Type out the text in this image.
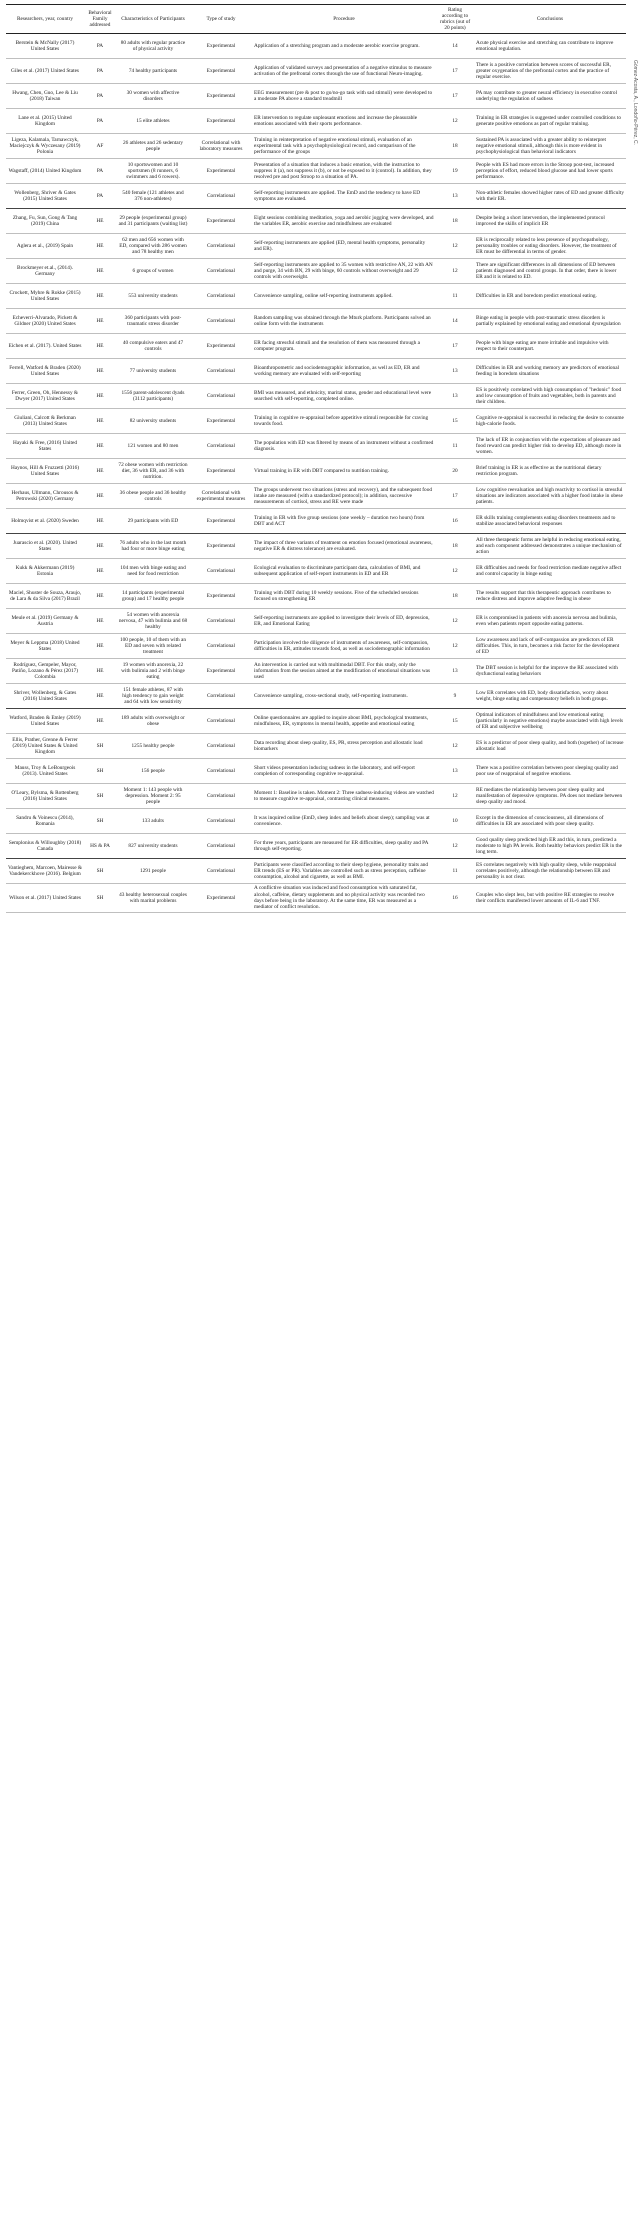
Researchers, year, country	Behavioral Family addressed	Characteristics of Participants	Type of study	Procedure	Rating according to rubrics (out of 20 points)	Conclusions
Berstein & McNally (2017) United States	PA	80 adults with regular practice of physical activity	Experimental	Application of a stretching program and a moderate aerobic exercise program.	14	Acute physical exercise and stretching can contribute to improve emotional regulation.
Giles et al. (2017) United States	PA	74 healthy participants	Experimental	Application of validated surveys and presentation of a negative stimulus to measure activation of the prefrontal cortex through the use of functional Neuro-imaging.	17	There is a positive correlation between scores of successful ER, greater oxygenation of the prefrontal cortex and the practice of regular exercise.
Hwang, Chen, Guo, Lee & Liu (2018) Taiwan	PA	30 women with affective disorders	Experimental	EEG measurement (pre & post to go/no-go task with sad stimuli) were developed to a moderate PA above a standard treadmill	17	PA may contribute to greater neural efficiency in executive control underlying the regulation of sadness
Lane et al. (2015) United Kingdom	PA	15 elite athletes	Experimental	ER intervention to regulate unpleasant emotions and increase the pleasurable emotions associated with their sports performance.	12	Training in ER strategies is suggested under controlled conditions to generate positive emotions as part of regular training.
Ligeza, Kalamala, Tarnawczyk, Maciejczyk & Wyczesany (2019) Polonia	AF	26 athletes and 26 sedentary people	Correlational with laboratory measures	Training in reinterpretation of negative emotional stimuli, evaluation of an experimental task with a psychophysiological record, and comparison of the performance of the groups	18	Sustained PA is associated with a greater ability to reinterpret negative emotional stimuli, although this is more evident in psychophysiological than behavioral indicators
Wagstaff, (2014) United Kingdom	PA	10 sportswomen and 10 sportsmen (8 runners, 6 swimmers and 6 rowers).	Experimental	Presentation of a situation that induces a basic emotion, with the instruction to suppress it (a), not suppress it (b), or not be exposed to it (control). In addition, they resolved pre and post Stroop to a situation of PA.	19	People with ES had more errors in the Stroop post-test, increased perception of effort, reduced blood glucose and had lower sports performance.
Wollenberg, Shriver & Gates (2015) United States	PA	540 female (121 athletes and 376 non-athletes)	Correlational	Self-reporting instruments are applied. The EmD and the tendency to have ED symptoms are evaluated.	13	Non-athletic females showed higher rates of ED and greater difficulty with their ER.
Zhang, Fu, Sun, Gong & Tang (2019) China	HE	29 people (experimental group) and 31 participants (waiting list)	Experimental	Eight sessions combining meditation, yoga and aerobic jogging were developed, and the variables ER, aerobic exercise and mindfulness are evaluated	18	Despite being a short intervention, the implemented protocol improved the skills of implicit ER
Aglera et al., (2019) Spain	HE	62 men and 656 women with ED, compared with 286 women and 78 healthy men	Correlational	Self-reporting instruments are applied (ED, mental health symptoms, personality and ER).	12	ER is reciprocally related to less presence of psychopathology, personality troubles or eating disorders. However, the treatment of ER must be differential in terms of gender.
Brockmeyer et.al., (2014). Germany	HE	6 groups of women	Correlational	Self-reporting instruments are applied to 35 women with restrictive AN, 22 with AN and purge, 34 with BN, 29 with binge, 60 controls without overweight and 29 controls with overweight.	12	There are significant differences in all dimensions of ED between patients diagnosed and control groups. In that order, there is lower ER and it is related to ED.
Crockett, Myhre & Rokke (2015) United States	HE	553 university students	Correlational	Convenience sampling, online self-reporting instruments applied.	11	Difficulties in ER and boredom predict emotional eating.
Echeverri-Alvarado, Pickett & Gildner (2020) United States	HE	360 participants with post-traumatic stress disorder	Correlational	Random sampling was obtained through the Mturk platform. Participants solved an online form with the instruments	14	Binge eating in people with post-traumatic stress disorders is partially explained by emotional eating and emotional dysregulation
Eichen et al. (2017). United States	HE	40 compulsive eaters and 47 controls	Experimental	ER facing stressful stimuli and the resolution of them was measured through a computer program.	17	People with binge eating are more irritable and impulsive with respect to their counterpart.
Ferrell, Watford & Braden (2020) United States	HE	77 university students	Correlational	Bioanthropometric and sociodemographic information, as well as ED, ER and working memory are evaluated with self-reporting	13	Difficulties in ER and working memory are predictors of emotional feeding in boredom situations
Ferrer, Green, Oh, Hennessy & Dwyer (2017) United States	HE	1556 parent-adolescent dyads (3112 participants)	Correlational	BMI was measured, and ethnicity, marital status, gender and educational level were searched with self-reporting, completed online.	13	ES is positively correlated with high consumption of "hedonic" food and low consumption of fruits and vegetables, both in parents and their children.
Giuliani, Calcott & Berkman (2013) United States	HE	82 university students	Experimental	Training in cognitive re-appraisal before appetitive stimuli responsible for craving towards food.	15	Cognitive re-appraisal is successful in reducing the desire to consume high-calorie foods.
Hayaki & Free, (2016) United States	HE	121 women and 80 men	Correlational	The population with ED was filtered by means of an instrument without a confirmed diagnosis.	11	The lack of ER in conjunction with the expectations of pleasure and food reward can predict higher risk to develop ED, although more in women.
Haynos, Hill & Fruzzetti (2016) United States	HE	72 obese women with restriction diet, 36 with ER, and 36 with nutrition.	Experimental	Virtual training in ER with DBT compared to nutrition training.	20	Brief training in ER is as effective as the nutritional dietary restriction program.
Herhaus, Ullmann, Chrousos & Petrowski (2020) Germany	HE	36 obese people and 36 healthy controls	Correlational with experimental measures	The groups underwent two situations (stress and recovery), and the subsequent food intake are measured (with a standardized protocol); in addition, successive measurements of cortisol, stress and RE were made	17	Low cognitive reevaluation and high reactivity to cortisol in stressful situations are indicators associated with a higher food intake in obese patients.
Holmqvist et al. (2020) Sweden	HE	29 participants with ED	Experimental	Training in ER with five group sessions (one weekly – duration two hours) from DBT and ACT	16	ER skills training complements eating disorders treatments and to stabilize associated behavioral responses
Juarascio et al. (2020). United States	HE	76 adults who in the last month had four or more binge eating	Experimental	The impact of three variants of treatment on emotion focused (emotional awareness, negative ER & distress tolerance) are evaluated.	18	All three therapeutic forms are helpful in reducing emotional eating, and each component addressed demonstrates a unique mechanism of action
Kukk & Akkermann (2019) Estonia	HE	104 men with binge eating and need for food restriction	Correlational	Ecological evaluation to discriminate participant data, calculation of BMI, and subsequent application of self-report instruments in ED and ER	12	ER difficulties and needs for food restriction mediate negative affect and control capacity in binge eating
Maciel, Shuster de Souza, Araujo, de Lara & da Silva (2017) Brazil	HE	14 participants (experimental group) and 17 healthy people	Experimental	Training with DBT during 10 weekly sessions. Five of the scheduled sessions focused on strengthening ER	18	The results support that this therapeutic approach contributes to reduce distress and improve adaptive feeding in obese
Meule et al. (2019) Germany & Austria	HE	54 women with anorexia nervosa, 47 with bulimia and 68 healthy	Correlational	Self-reporting instruments are applied to investigate their levels of ED, depression, ER, and Emotional Eating	12	ER is compromised in patients with anorexia nervosa and bulimia, even when patients report opposite eating patterns.
Meyer & Leppma (2018) United States	HE	100 people, 10 of them with an ED and seven with related treatment	Correlational	Participation involved the diligence of instruments of awareness, self-compassion, difficulties in ER, attitudes towards food, as well as sociodemographic information	12	Low awareness and lack of self-compassion are predictors of ER difficulties. This, in turn, becomes a risk factor for the development of ED
Rodríguez, Gempeler, Mayor, Patiño, Lozano & Pérez (2017) Colombia	HE	19 women with anorexia, 22 with bulimia and 2 with binge eating	Experimental	An intervention is carried out with multimodal DBT. For this study, only the information from the session aimed at the modification of emotional situations was used	13	The DBT session is helpful for the improve the RE associated with dysfunctional eating behaviors
Shriver, Wollenberg, & Gates (2016) United States	HE	151 female athletes, 87 with high tendency to gain weight and 64 with low sensitivity	Correlational	Convenience sampling, cross-sectional study, self-reporting instruments.	9	Low ER correlates with ED, body dissatisfaction, worry about weight, binge eating and compensatory beliefs in both groups.
Watford, Braden & Emley (2019) United States	HE	189 adults with overweight or obese	Correlational	Online questionnaires are applied to inquire about BMI, psychological treatments, mindfulness, ER, symptoms in mental health, appetite and emotional eating	15	Optimal indicators of mindfulness and low emotional eating (particularly in negative emotions) maybe associated with high levels of ER and subjective wellbeing
Ellis, Prather, Grenne & Ferrer (2019) United States & United Kingdom	SH	1255 healthy people	Correlational	Data recording about sleep quality, ES, PR, stress perception and allostatic load biomarkers	12	ES is a predictor of poor sleep quality, and both (together) of increase allostatic load
Mauss, Troy & LeBourgeois (2013). United States	SH	156 people	Correlational	Short videos presentation inducing sadness in the laboratory, and self-report completion of corresponding cognitive re-appraisal.	13	There was a positive correlation between poor sleeping quality and poor use of reappraisal of negative emotions.
O'Leary, Bylsma, & Rottenberg (2016) United States	SH	Moment 1: 143 people with depression. Moment 2: 95 people	Correlational	Moment 1: Baseline is taken. Moment 2: Three sadness-inducing videos are watched to measure cognitive re-appraisal, contrasting clinical measures.	12	RE mediates the relationship between poor sleep quality and manifestation of depressive symptoms. PA does not mediate between sleep quality and mood.
Sandru & Voinescu (2014), Romania	SH	133 adults	Correlational	It was inquired online (EmD, sleep index and beliefs about sleep); sampling was at convenience.	10	Except in the dimension of consciousness, all dimensions of difficulties in ER are associated with poor sleep quality.
Semplonius & Willoughby (2018) Canada	HS & PA	827 university students	Correlational	For three years, participants are measured for ER difficulties, sleep quality and PA through self-reporting.	12	Good quality sleep predicted high ER and this, in turn, predicted a moderate to high PA levels. Both healthy behaviors predict ER in the long term.
Vantieghem, Marcoen, Mairesse & Vandekerckhove (2016). Belgium	SH	1291 people	Correlational	Participants were classified according to their sleep hygiene, personality traits and ER trends (ES or PR). Variables are controlled such as stress perception, caffeine consumption, alcohol and cigarette, as well as BMI.	11	ES correlates negatively with high quality sleep, while reappraisal correlates positively, although the relationship between ER and personality is not clear.
Wilson et al. (2017) United States	SH	43 healthy heterosexual couples with marital problems	Experimental	A conflictive situation was induced and food consumption with saturated fat, alcohol, caffeine, dietary supplements and no physical activity was recorded two days before being in the laboratory. At the same time, ER was measured as a mediator of conflict resolution.	16	Couples who slept less, but with positive RE strategies to resolve their conflicts manifested lower amounts of IL-6 and TNF.
Gómez-Acosta, A., Londoño-Pérez, C.
